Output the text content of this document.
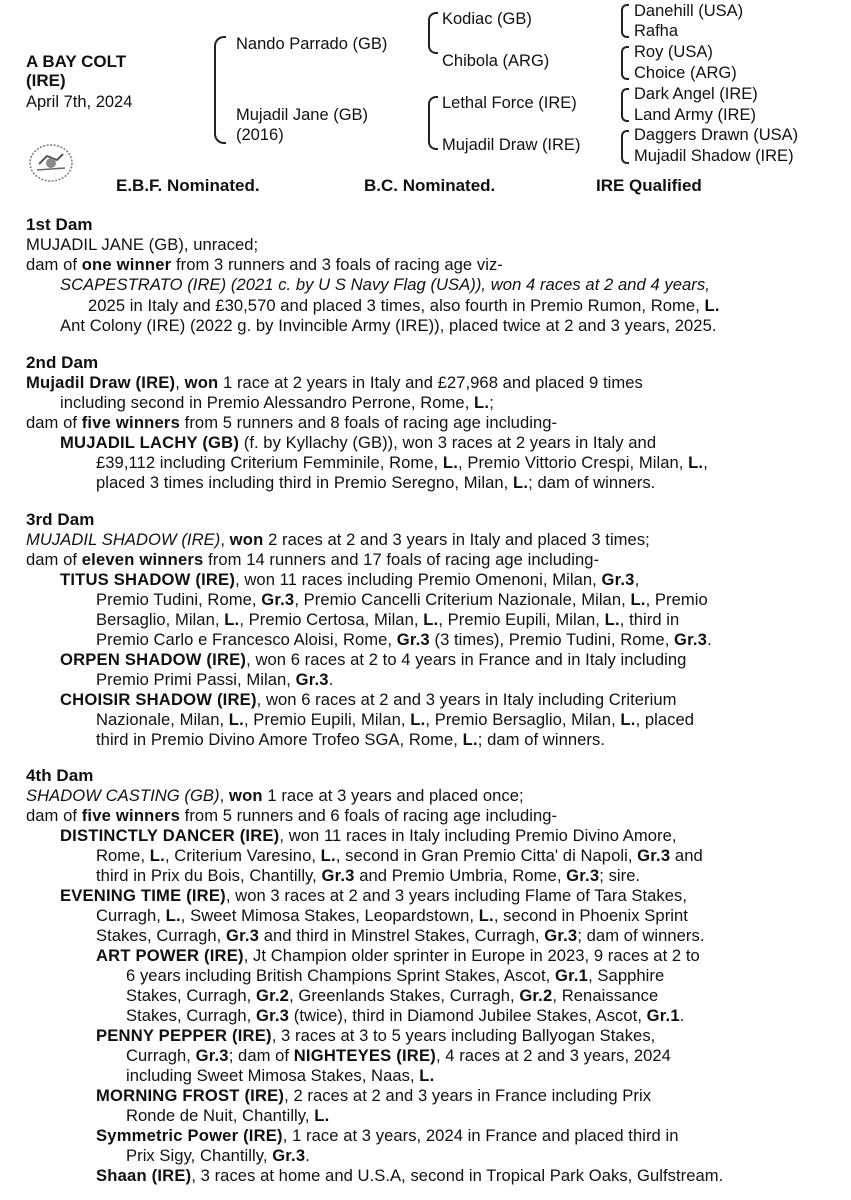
A BAY COLT
(IRE)
April 7th, 2024
Nando Parrado (GB)
Mujadil Jane (GB)
(2016)
Kodiac (GB)
Chibola (ARG)
Lethal Force (IRE)
Mujadil Draw (IRE)
Danehill (USA)
Rafha
Roy (USA)
Choice (ARG)
Dark Angel (IRE)
Land Army (IRE)
Daggers Drawn (USA)
Mujadil Shadow (IRE)
E.B.F. Nominated.	B.C. Nominated.	IRE Qualified
1st Dam
MUJADIL JANE (GB), unraced;
dam of one winner from 3 runners and 3 foals of racing age viz-
SCAPESTRATO (IRE) (2021 c. by U S Navy Flag (USA)), won 4 races at 2 and 4 years,
2025 in Italy and £30,570 and placed 3 times, also fourth in Premio Rumon, Rome, L.
Ant Colony (IRE) (2022 g. by Invincible Army (IRE)), placed twice at 2 and 3 years, 2025.
2nd Dam
Mujadil Draw (IRE), won 1 race at 2 years in Italy and £27,968 and placed 9 times
including second in Premio Alessandro Perrone, Rome, L.;
dam of five winners from 5 runners and 8 foals of racing age including-
MUJADIL LACHY (GB) (f. by Kyllachy (GB)), won 3 races at 2 years in Italy and
£39,112 including Criterium Femminile, Rome, L., Premio Vittorio Crespi, Milan, L.,
placed 3 times including third in Premio Seregno, Milan, L.; dam of winners.
3rd Dam
MUJADIL SHADOW (IRE), won 2 races at 2 and 3 years in Italy and placed 3 times;
dam of eleven winners from 14 runners and 17 foals of racing age including-
TITUS SHADOW (IRE), won 11 races including Premio Omenoni, Milan, Gr.3,
Premio Tudini, Rome, Gr.3, Premio Cancelli Criterium Nazionale, Milan, L., Premio
Bersaglio, Milan, L., Premio Certosa, Milan, L., Premio Eupili, Milan, L., third in
Premio Carlo e Francesco Aloisi, Rome, Gr.3 (3 times), Premio Tudini, Rome, Gr.3.
ORPEN SHADOW (IRE), won 6 races at 2 to 4 years in France and in Italy including
Premio Primi Passi, Milan, Gr.3.
CHOISIR SHADOW (IRE), won 6 races at 2 and 3 years in Italy including Criterium
Nazionale, Milan, L., Premio Eupili, Milan, L., Premio Bersaglio, Milan, L., placed
third in Premio Divino Amore Trofeo SGA, Rome, L.; dam of winners.
4th Dam
SHADOW CASTING (GB), won 1 race at 3 years and placed once;
dam of five winners from 5 runners and 6 foals of racing age including-
DISTINCTLY DANCER (IRE), won 11 races in Italy including Premio Divino Amore,
Rome, L., Criterium Varesino, L., second in Gran Premio Citta' di Napoli, Gr.3 and
third in Prix du Bois, Chantilly, Gr.3 and Premio Umbria, Rome, Gr.3; sire.
EVENING TIME (IRE), won 3 races at 2 and 3 years including Flame of Tara Stakes,
Curragh, L., Sweet Mimosa Stakes, Leopardstown, L., second in Phoenix Sprint
Stakes, Curragh, Gr.3 and third in Minstrel Stakes, Curragh, Gr.3; dam of winners.
ART POWER (IRE), Jt Champion older sprinter in Europe in 2023, 9 races at 2 to
6 years including British Champions Sprint Stakes, Ascot, Gr.1, Sapphire
Stakes, Curragh, Gr.2, Greenlands Stakes, Curragh, Gr.2, Renaissance
Stakes, Curragh, Gr.3 (twice), third in Diamond Jubilee Stakes, Ascot, Gr.1.
PENNY PEPPER (IRE), 3 races at 3 to 5 years including Ballyogan Stakes,
Curragh, Gr.3; dam of NIGHTEYES (IRE), 4 races at 2 and 3 years, 2024
including Sweet Mimosa Stakes, Naas, L.
MORNING FROST (IRE), 2 races at 2 and 3 years in France including Prix
Ronde de Nuit, Chantilly, L.
Symmetric Power (IRE), 1 race at 3 years, 2024 in France and placed third in
Prix Sigy, Chantilly, Gr.3.
Shaan (IRE), 3 races at home and U.S.A, second in Tropical Park Oaks, Gulfstream.
